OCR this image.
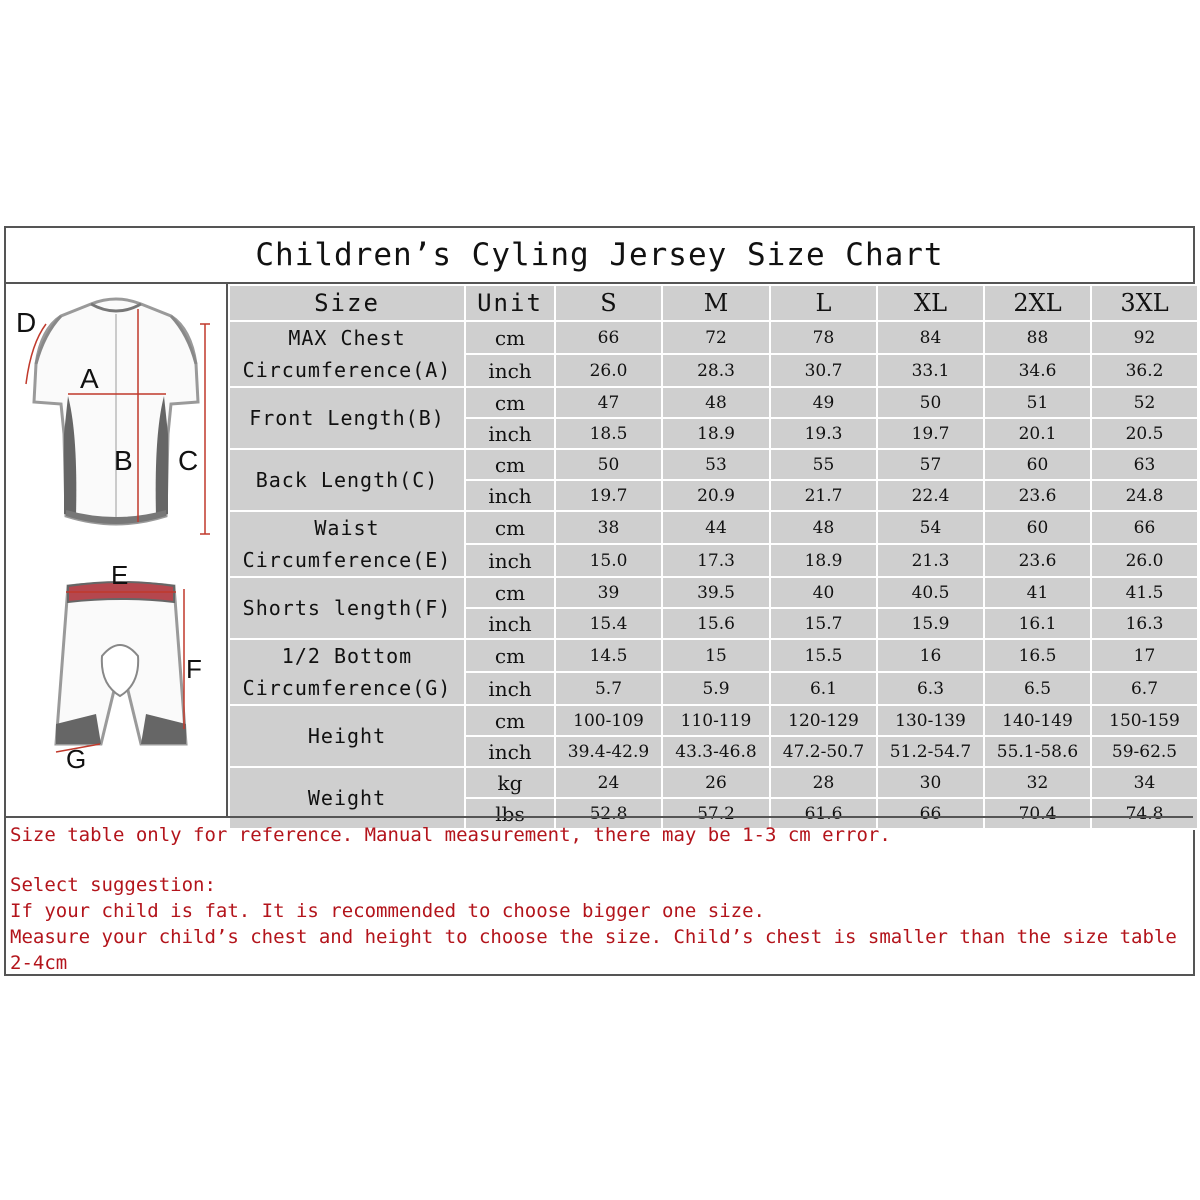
Children’s Cyling Jersey Size Chart
A
B C
D
E
F
G
Size	Unit	S	M	L	XL	2XL	3XL
MAX Chest Circumference(A)	cm	66	72	78	84	88	92
	inch	26.0	28.3	30.7	33.1	34.6	36.2
Front Length(B)	cm	47	48	49	50	51	52
	inch	18.5	18.9	19.3	19.7	20.1	20.5
Back Length(C)	cm	50	53	55	57	60	63
	inch	19.7	20.9	21.7	22.4	23.6	24.8
Waist Circumference(E)	cm	38	44	48	54	60	66
	inch	15.0	17.3	18.9	21.3	23.6	26.0
Shorts length(F)	cm	39	39.5	40	40.5	41	41.5
	inch	15.4	15.6	15.7	15.9	16.1	16.3
1/2 Bottom Circumference(G)	cm	14.5	15	15.5	16	16.5	17
	inch	5.7	5.9	6.1	6.3	6.5	6.7
Height	cm	100-109	110-119	120-129	130-139	140-149	150-159
	inch	39.4-42.9	43.3-46.8	47.2-50.7	51.2-54.7	55.1-58.6	59-62.5
Weight	kg	24	26	28	30	32	34
	lbs	52.8	57.2	61.6	66	70.4	74.8

Size table only for reference. Manual measurement, there may be 1-3 cm error.

Select suggestion:

If your child is fat. It is recommended to choose bigger one size.

Measure your child’s chest and height to choose the size. Child’s chest is smaller than the size table 2-4cm
